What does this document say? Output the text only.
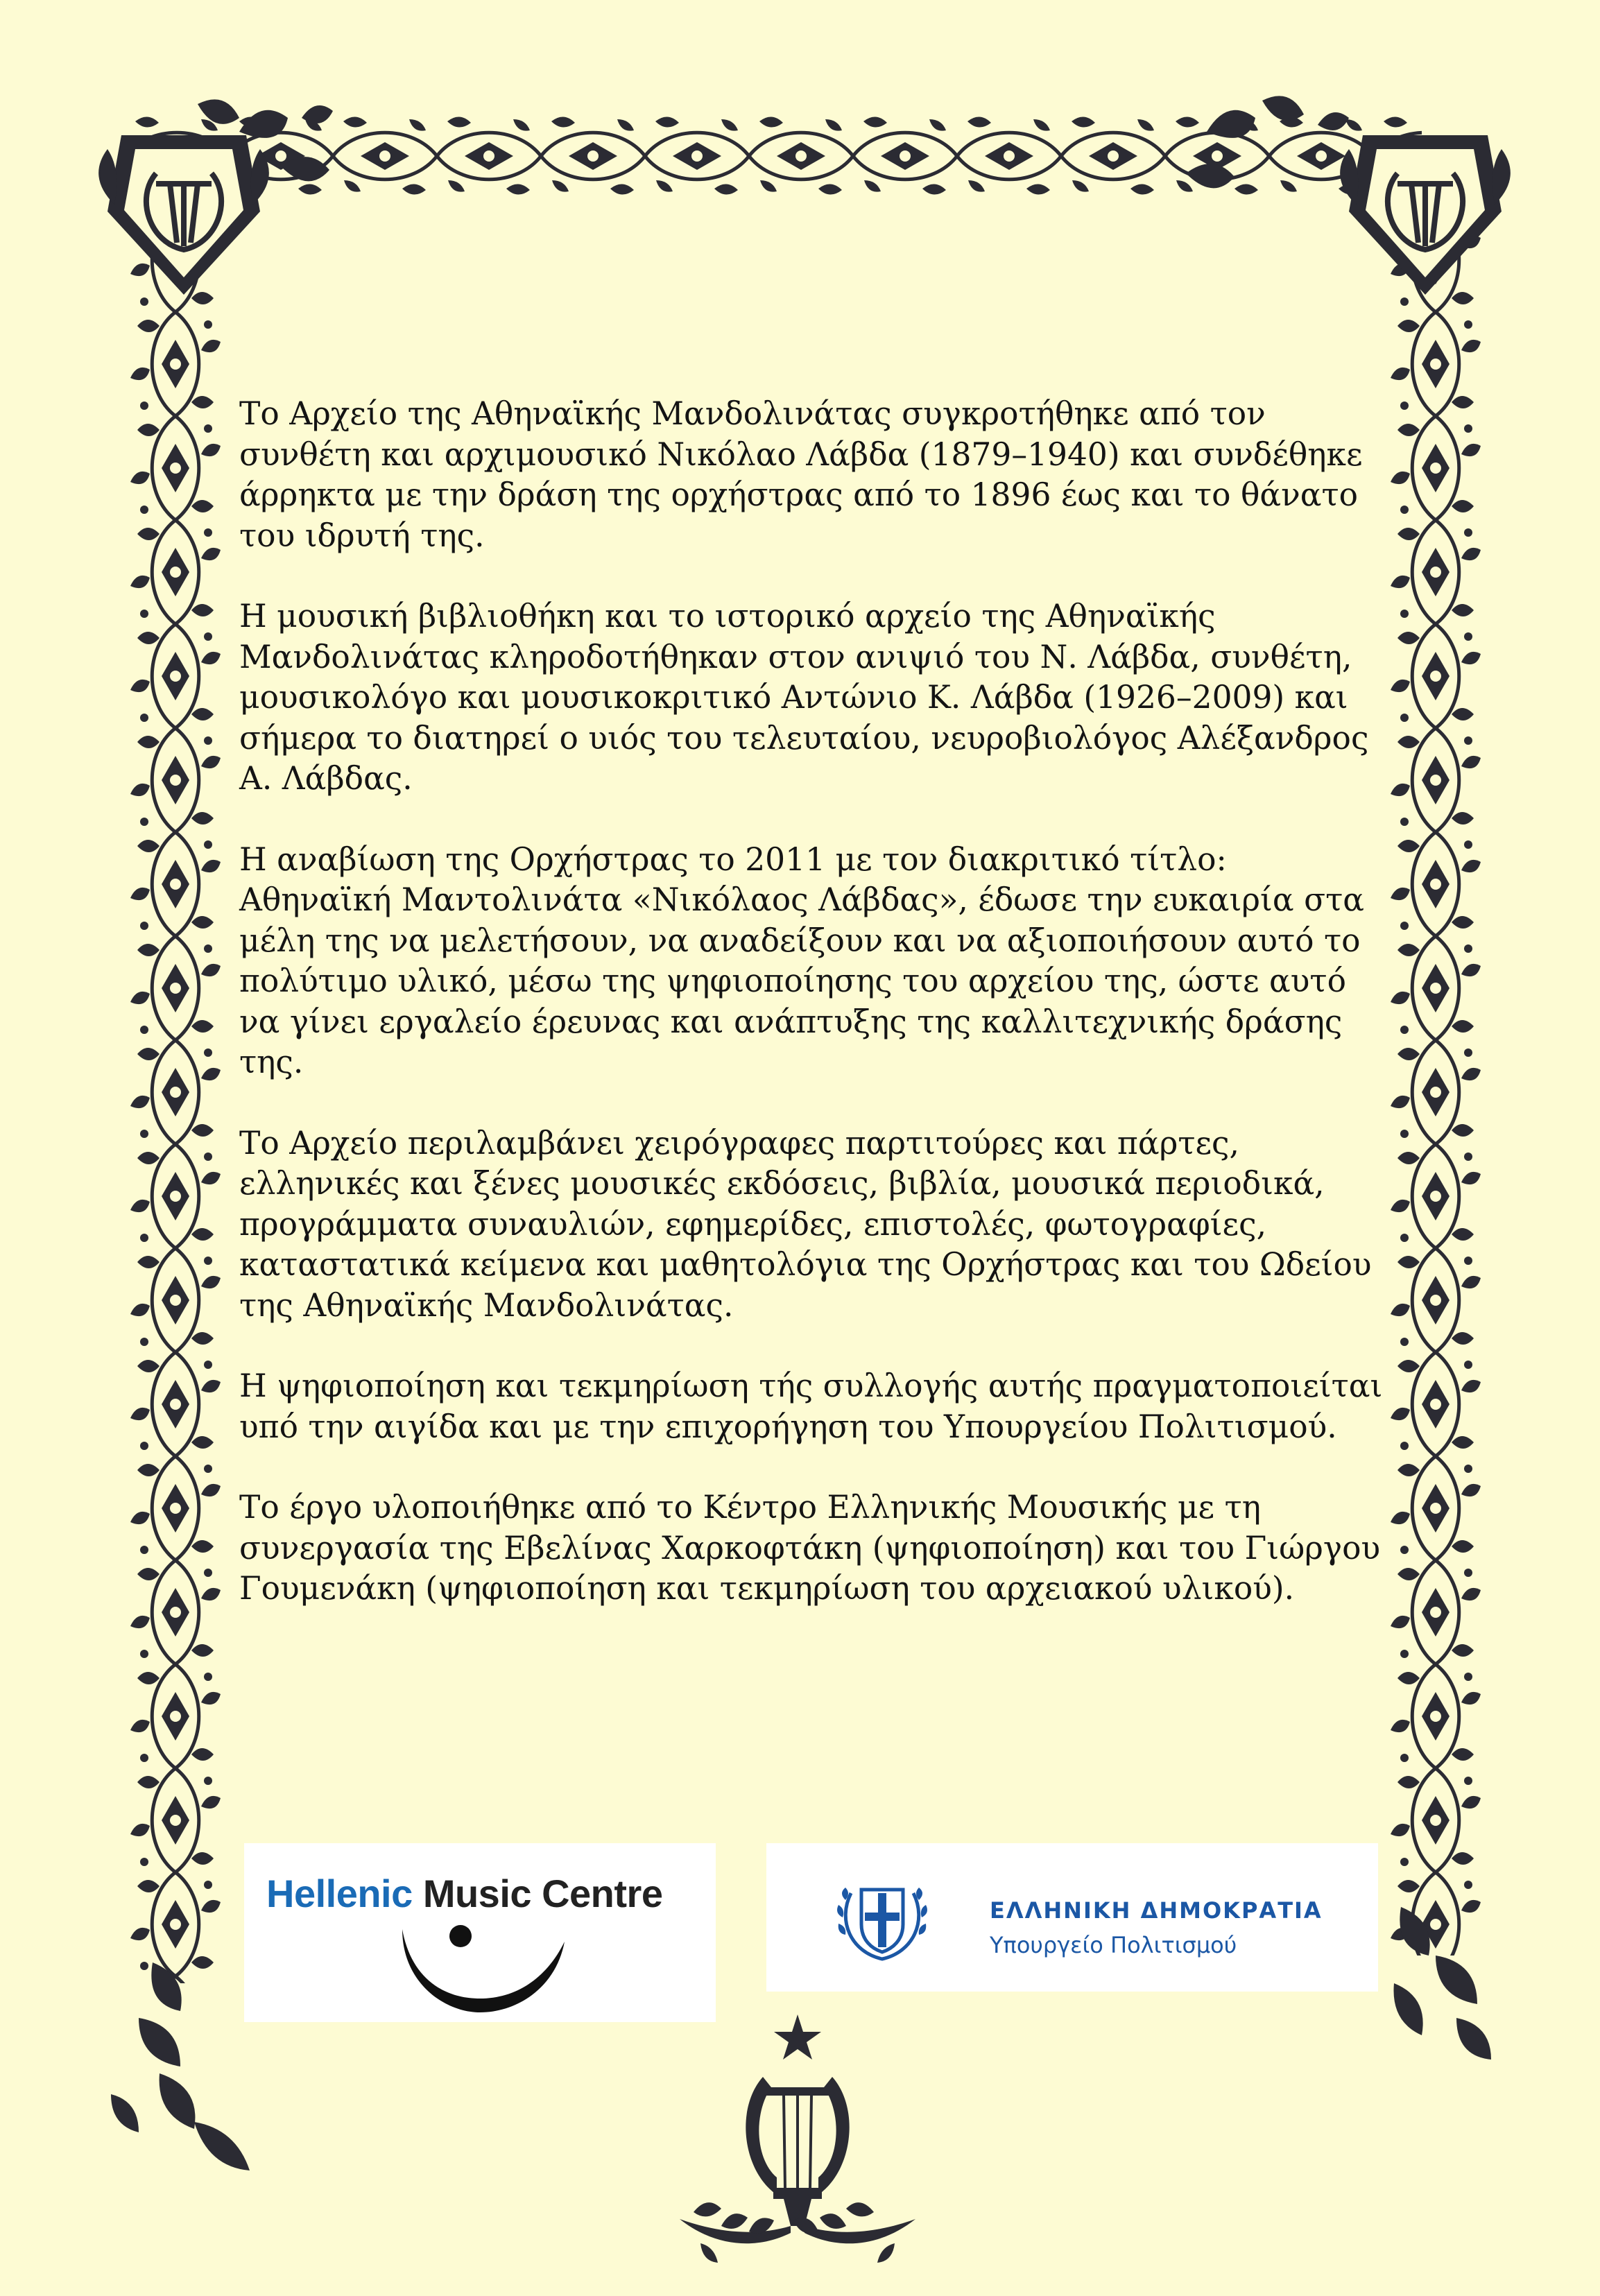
Το Αρχείο της Αθηναϊκής Μανδολινάτας συγκροτήθηκε από τον συνθέτη και αρχιμουσικό Νικόλαο Λάβδα (1879–1940) και συνδέθηκε άρρηκτα με την δράση της ορχήστρας από το 1896 έως και το θάνατο του ιδρυτή της.

Η μουσική βιβλιοθήκη και το ιστορικό αρχείο της Αθηναϊκής Μανδολινάτας κληροδοτήθηκαν στον ανιψιό του Ν. Λάβδα, συνθέτη, μουσικολόγο και μουσικοκριτικό Αντώνιο Κ. Λάβδα (1926–2009) και σήμερα το διατηρεί ο υιός του τελευταίου, νευροβιολόγος Αλέξανδρος Α. Λάβδας.

Η αναβίωση της Ορχήστρας το 2011 με τον διακριτικό τίτλο: Αθηναϊκή Μαντολινάτα «Νικόλαος Λάβδας», έδωσε την ευκαιρία στα μέλη της να μελετήσουν, να αναδείξουν και να αξιοποιήσουν αυτό το πολύτιμο υλικό, μέσω της ψηφιοποίησης του αρχείου της, ώστε αυτό να γίνει εργαλείο έρευνας και ανάπτυξης της καλλιτεχνικής δράσης της.

Το Αρχείο περιλαμβάνει χειρόγραφες παρτιτούρες και πάρτες, ελληνικές και ξένες μουσικές εκδόσεις, βιβλία, μουσικά περιοδικά, προγράμματα συναυλιών, εφημερίδες, επιστολές, φωτογραφίες, καταστατικά κείμενα και μαθητολόγια της Ορχήστρας και του Ωδείου της Αθηναϊκής Μανδολινάτας.

Η ψηφιοποίηση και τεκμηρίωση τής συλλογής αυτής πραγματοποιείται υπό την αιγίδα και με την επιχορήγηση του Υπουργείου Πολιτισμού.

Το έργο υλοποιήθηκε από το Κέντρο Ελληνικής Μουσικής με τη συνεργασία της Εβελίνας Χαρκοφτάκη (ψηφιοποίηση) και του Γιώργου Γουμενάκη (ψηφιοποίηση και τεκμηρίωση του αρχειακού υλικού).

Hellenic Music Centre	ΕΛΛΗΝΙΚΗ ΔΗΜΟΚΡΑΤΙΑ

Υπουργείο Πολιτισμού
